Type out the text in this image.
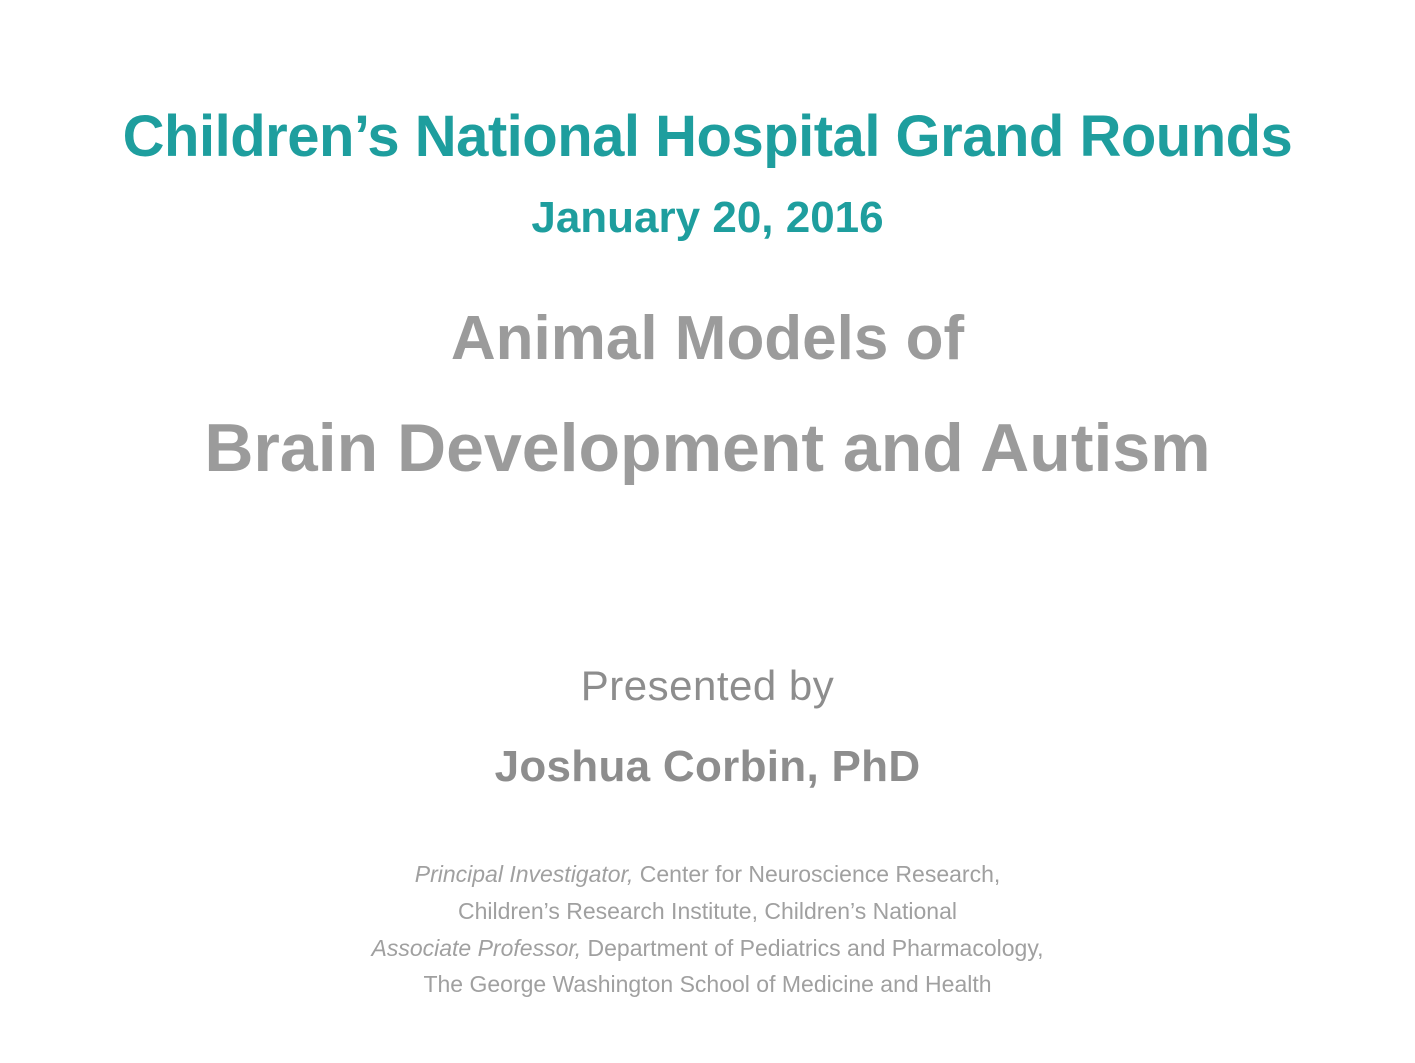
Children’s National Hospital Grand Rounds
January 20, 2016
Animal Models of
Brain Development and Autism
Presented by
Joshua Corbin, PhD
Principal Investigator, Center for Neuroscience Research,
Children’s Research Institute, Children’s National
Associate Professor, Department of Pediatrics and Pharmacology,
The George Washington School of Medicine and Health
